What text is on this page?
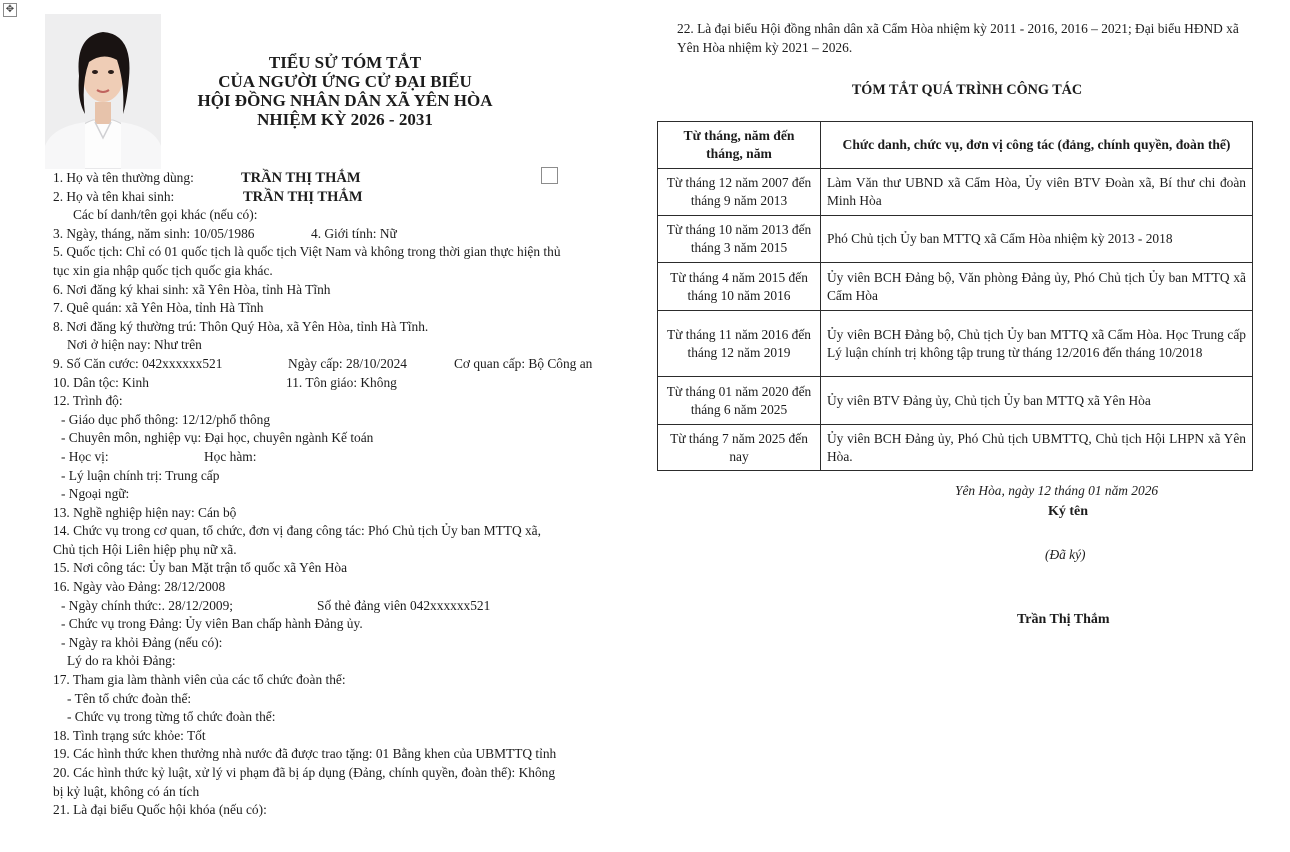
✥
TIỂU SỬ TÓM TẮT
CỦA NGƯỜI ỨNG CỬ ĐẠI BIỂU
HỘI ĐỒNG NHÂN DÂN XÃ YÊN HÒA
NHIỆM KỲ 2026 - 2031
1. Họ và tên thường dùng:	TRẦN THỊ THẮM
2. Họ và tên khai sinh:	TRẦN THỊ THẮM
Các bí danh/tên gọi khác (nếu có):
3. Ngày, tháng, năm sinh: 10/05/1986	4. Giới tính: Nữ
5. Quốc tịch: Chỉ có 01 quốc tịch là quốc tịch Việt Nam và không trong thời gian thực hiện thủ
tục xin gia nhập quốc tịch quốc gia khác.
6. Nơi đăng ký khai sinh: xã Yên Hòa, tỉnh Hà Tĩnh
7. Quê quán: xã Yên Hòa, tỉnh Hà Tĩnh
8. Nơi đăng ký thường trú: Thôn Quý Hòa, xã Yên Hòa, tỉnh Hà Tĩnh.
Nơi ở hiện nay: Như trên
9. Số Căn cước: 042xxxxxx521	Ngày cấp: 28/10/2024	Cơ quan cấp: Bộ Công an
10. Dân tộc: Kinh	11. Tôn giáo: Không
12. Trình độ:
- Giáo dục phổ thông: 12/12/phổ thông
- Chuyên môn, nghiệp vụ: Đại học, chuyên ngành Kế toán
- Học vị:	Học hàm:
- Lý luận chính trị: Trung cấp
- Ngoại ngữ:
13. Nghề nghiệp hiện nay: Cán bộ
14. Chức vụ trong cơ quan, tổ chức, đơn vị đang công tác: Phó Chủ tịch Ủy ban MTTQ xã,
Chủ tịch Hội Liên hiệp phụ nữ xã.
15. Nơi công tác: Ủy ban Mặt trận tổ quốc xã Yên Hòa
16. Ngày vào Đảng: 28/12/2008
- Ngày chính thức:. 28/12/2009;	Số thẻ đảng viên 042xxxxxx521
- Chức vụ trong Đảng: Ủy viên Ban chấp hành Đảng ủy.
- Ngày ra khỏi Đảng (nếu có):
Lý do ra khỏi Đảng:
17. Tham gia làm thành viên của các tổ chức đoàn thể:
- Tên tổ chức đoàn thể:
- Chức vụ trong từng tổ chức đoàn thể:
18. Tình trạng sức khỏe: Tốt
19. Các hình thức khen thưởng nhà nước đã được trao tặng: 01 Bằng khen của UBMTTQ tỉnh
20. Các hình thức kỷ luật, xử lý vi phạm đã bị áp dụng (Đảng, chính quyền, đoàn thể): Không
bị kỷ luật, không có án tích
21. Là đại biểu Quốc hội khóa (nếu có):
22. Là đại biểu Hội đồng nhân dân xã Cẩm Hòa nhiệm kỳ 2011 - 2016, 2016 – 2021; Đại biểu HĐND xã Yên Hòa nhiệm kỳ 2021 – 2026.
TÓM TẮT QUÁ TRÌNH CÔNG TÁC
Từ tháng, năm đến tháng, năm	Chức danh, chức vụ, đơn vị công tác (đảng, chính quyền, đoàn thể)
Từ tháng 12 năm 2007 đến tháng 9 năm 2013	Làm Văn thư UBND xã Cẩm Hòa, Ủy viên BTV Đoàn xã, Bí thư chi đoàn Minh Hòa
Từ tháng 10 năm 2013 đến tháng 3 năm 2015	Phó Chủ tịch Ủy ban MTTQ xã Cẩm Hòa nhiệm kỳ 2013 - 2018
Từ tháng 4 năm 2015 đến tháng 10 năm 2016	Ủy viên BCH Đảng bộ, Văn phòng Đảng ủy, Phó Chủ tịch Ủy ban MTTQ xã Cẩm Hòa
Từ tháng 11 năm 2016 đến tháng 12 năm 2019	Ủy viên BCH Đảng bộ, Chủ tịch Ủy ban MTTQ xã Cẩm Hòa. Học Trung cấp Lý luận chính trị không tập trung từ tháng 12/2016 đến tháng 10/2018
Từ tháng 01 năm 2020 đến tháng 6 năm 2025	Ủy viên BTV Đảng ủy, Chủ tịch Ủy ban MTTQ xã Yên Hòa
Từ tháng 7 năm 2025 đến nay	Ủy viên BCH Đảng ủy, Phó Chủ tịch UBMTTQ, Chủ tịch Hội LHPN xã Yên Hòa.
Yên Hòa, ngày 12 tháng 01 năm 2026
Ký tên
(Đã ký)
Trần Thị Thắm
